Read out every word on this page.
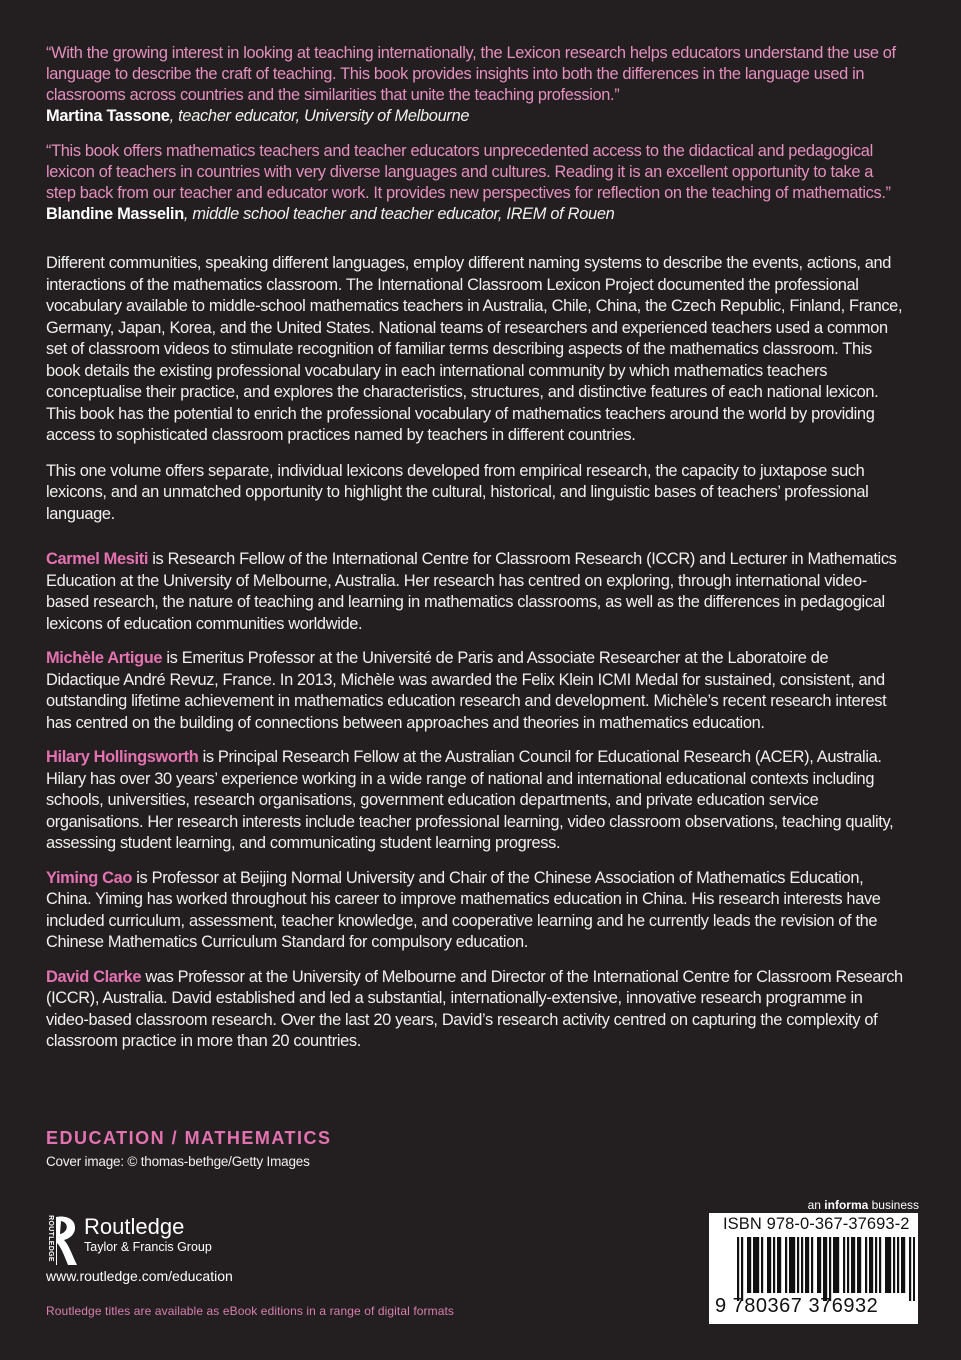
“With the growing interest in looking at teaching internationally, the Lexicon research helps educators understand the use of language to describe the craft of teaching. This book provides insights into both the differences in the language used in classrooms across countries and the similarities that unite the teaching profession.”

Martina Tassone, teacher educator, University of Melbourne

“This book offers mathematics teachers and teacher educators unprecedented access to the didactical and pedagogical lexicon of teachers in countries with very diverse languages and cultures. Reading it is an excellent opportunity to take a step back from our teacher and educator work. It provides new perspectives for reflection on the teaching of mathematics.”

Blandine Masselin, middle school teacher and teacher educator, IREM of Rouen

Different communities, speaking different languages, employ different naming systems to describe the events, actions, and interactions of the mathematics classroom. The International Classroom Lexicon Project documented the professional vocabulary available to middle-school mathematics teachers in Australia, Chile, China, the Czech Republic, Finland, France, Germany, Japan, Korea, and the United States. National teams of researchers and experienced teachers used a common set of classroom videos to stimulate recognition of familiar terms describing aspects of the mathematics classroom. This book details the existing professional vocabulary in each international community by which mathematics teachers conceptualise their practice, and explores the characteristics, structures, and distinctive features of each national lexicon. This book has the potential to enrich the professional vocabulary of mathematics teachers around the world by providing access to sophisticated classroom practices named by teachers in different countries.

This one volume offers separate, individual lexicons developed from empirical research, the capacity to juxtapose such lexicons, and an unmatched opportunity to highlight the cultural, historical, and linguistic bases of teachers’ professional language.

Carmel Mesiti is Research Fellow of the International Centre for Classroom Research (ICCR) and Lecturer in Mathematics Education at the University of Melbourne, Australia. Her research has centred on exploring, through international video-based research, the nature of teaching and learning in mathematics classrooms, as well as the differences in pedagogical lexicons of education communities worldwide.

Michèle Artigue is Emeritus Professor at the Université de Paris and Associate Researcher at the Laboratoire de Didactique André Revuz, France. In 2013, Michèle was awarded the Felix Klein ICMI Medal for sustained, consistent, and outstanding lifetime achievement in mathematics education research and development. Michèle’s recent research interest has centred on the building of connections between approaches and theories in mathematics education.

Hilary Hollingsworth is Principal Research Fellow at the Australian Council for Educational Research (ACER), Australia. Hilary has over 30 years’ experience working in a wide range of national and international educational contexts including schools, universities, research organisations, government education departments, and private education service organisations. Her research interests include teacher professional learning, video classroom observations, teaching quality, assessing student learning, and communicating student learning progress.

Yiming Cao is Professor at Beijing Normal University and Chair of the Chinese Association of Mathematics Education, China. Yiming has worked throughout his career to improve mathematics education in China. His research interests have included curriculum, assessment, teacher knowledge, and cooperative learning and he currently leads the revision of the Chinese Mathematics Curriculum Standard for compulsory education.

David Clarke was Professor at the University of Melbourne and Director of the International Centre for Classroom Research (ICCR), Australia. David established and led a substantial, internationally-extensive, innovative research programme in video-based classroom research. Over the last 20 years, David’s research activity centred on capturing the complexity of classroom practice in more than 20 countries.

EDUCATION / MATHEMATICS
Cover image: © thomas-bethge/Getty Images
ROUTLEDGE Routledge
Taylor & Francis Group
www.routledge.com/education
Routledge titles are available as eBook editions in a range of digital formats
an informa business
ISBN 978-0-367-37693-2
9 780367 376932
